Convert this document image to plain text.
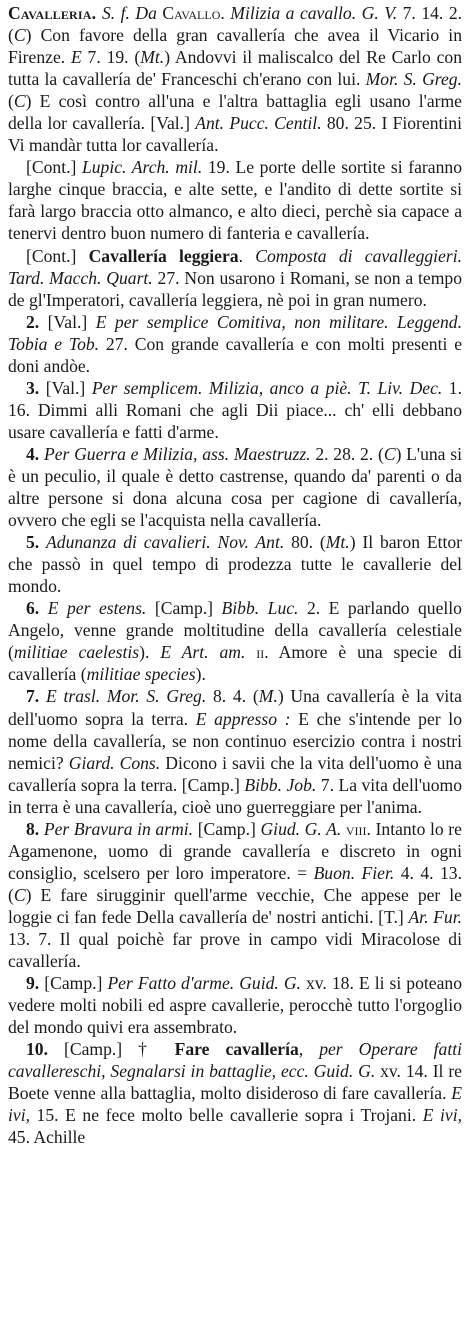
Cavalleria. S. f. Da Cavallo. Milizia a cavallo. G. V. 7. 14. 2. (C) Con favore della gran cavallería che avea il Vicario in Firenze. E 7. 19. (Mt.) Andovvi il maliscalco del Re Carlo con tutta la cavallería de' Franceschi ch'erano con lui. Mor. S. Greg. (C) E così contro all'una e l'altra battaglia egli usano l'arme della lor cavallería. [Val.] Ant. Pucc. Centil. 80. 25. I Fiorentini Vi mandàr tutta lor cavallería.

[Cont.] Lupic. Arch. mil. 19. Le porte delle sortite si faranno larghe cinque braccia, e alte sette, e l'andito di dette sortite si farà largo braccia otto almanco, e alto dieci, perchè sia capace a tenervi dentro buon numero di fanteria e cavallería.

[Cont.] Cavallería leggiera. Composta di cavalleggieri. Tard. Macch. Quart. 27. Non usarono i Romani, se non a tempo de gl'Imperatori, cavallería leggiera, nè poi in gran numero.

2. [Val.] E per semplice Comitiva, non militare. Leggend. Tobia e Tob. 27. Con grande cavallería e con molti presenti e doni andòe.

3. [Val.] Per semplicem. Milizia, anco a piè. T. Liv. Dec. 1. 16. Dimmi alli Romani che agli Dii piace... ch' elli debbano usare cavallería e fatti d'arme.

4. Per Guerra e Milizia, ass. Maestruzz. 2. 28. 2. (C) L'una si è un peculio, il quale è detto castrense, quando da' parenti o da altre persone si dona alcuna cosa per cagione di cavallería, ovvero che egli se l'acquista nella cavallería.

5. Adunanza di cavalieri. Nov. Ant. 80. (Mt.) Il baron Ettor che passò in quel tempo di prodezza tutte le cavallerie del mondo.

6. E per estens. [Camp.] Bibb. Luc. 2. E parlando quello Angelo, venne grande moltitudine della cavallería celestiale (militiae caelestis). E Art. am. ii. Amore è una specie di cavallería (militiae species).

7. E trasl. Mor. S. Greg. 8. 4. (M.) Una cavallería è la vita dell'uomo sopra la terra. E appresso : E che s'intende per lo nome della cavallería, se non continuo esercizio contra i nostri nemici? Giard. Cons. Dicono i savii che la vita dell'uomo è una cavallería sopra la terra. [Camp.] Bibb. Job. 7. La vita dell'uomo in terra è una cavallería, cioè uno guerreggiare per l'anima.

8. Per Bravura in armi. [Camp.] Giud. G. A. viii. Intanto lo re Agamenone, uomo di grande cavallería e discreto in ogni consiglio, scelsero per loro imperatore. = Buon. Fier. 4. 4. 13. (C) E fare sirugginir quell'arme vecchie, Che appese per le loggie ci fan fede Della cavallería de' nostri antichi. [T.] Ar. Fur. 13. 7. Il qual poichè far prove in campo vidi Miracolose di cavallería.

9. [Camp.] Per Fatto d'arme. Guid. G. xv. 18. E li si poteano vedere molti nobili ed aspre cavallerie, perocchè tutto l'orgoglio del mondo quivi era assembrato.

10. [Camp.] † Fare cavallería, per Operare fatti cavallereschi, Segnalarsi in battaglie, ecc. Guid. G. xv. 14. Il re Boete venne alla battaglia, molto disideroso di fare cavallería. E ivi, 15. E ne fece molto belle cavallerie sopra i Trojani. E ivi, 45. Achille
